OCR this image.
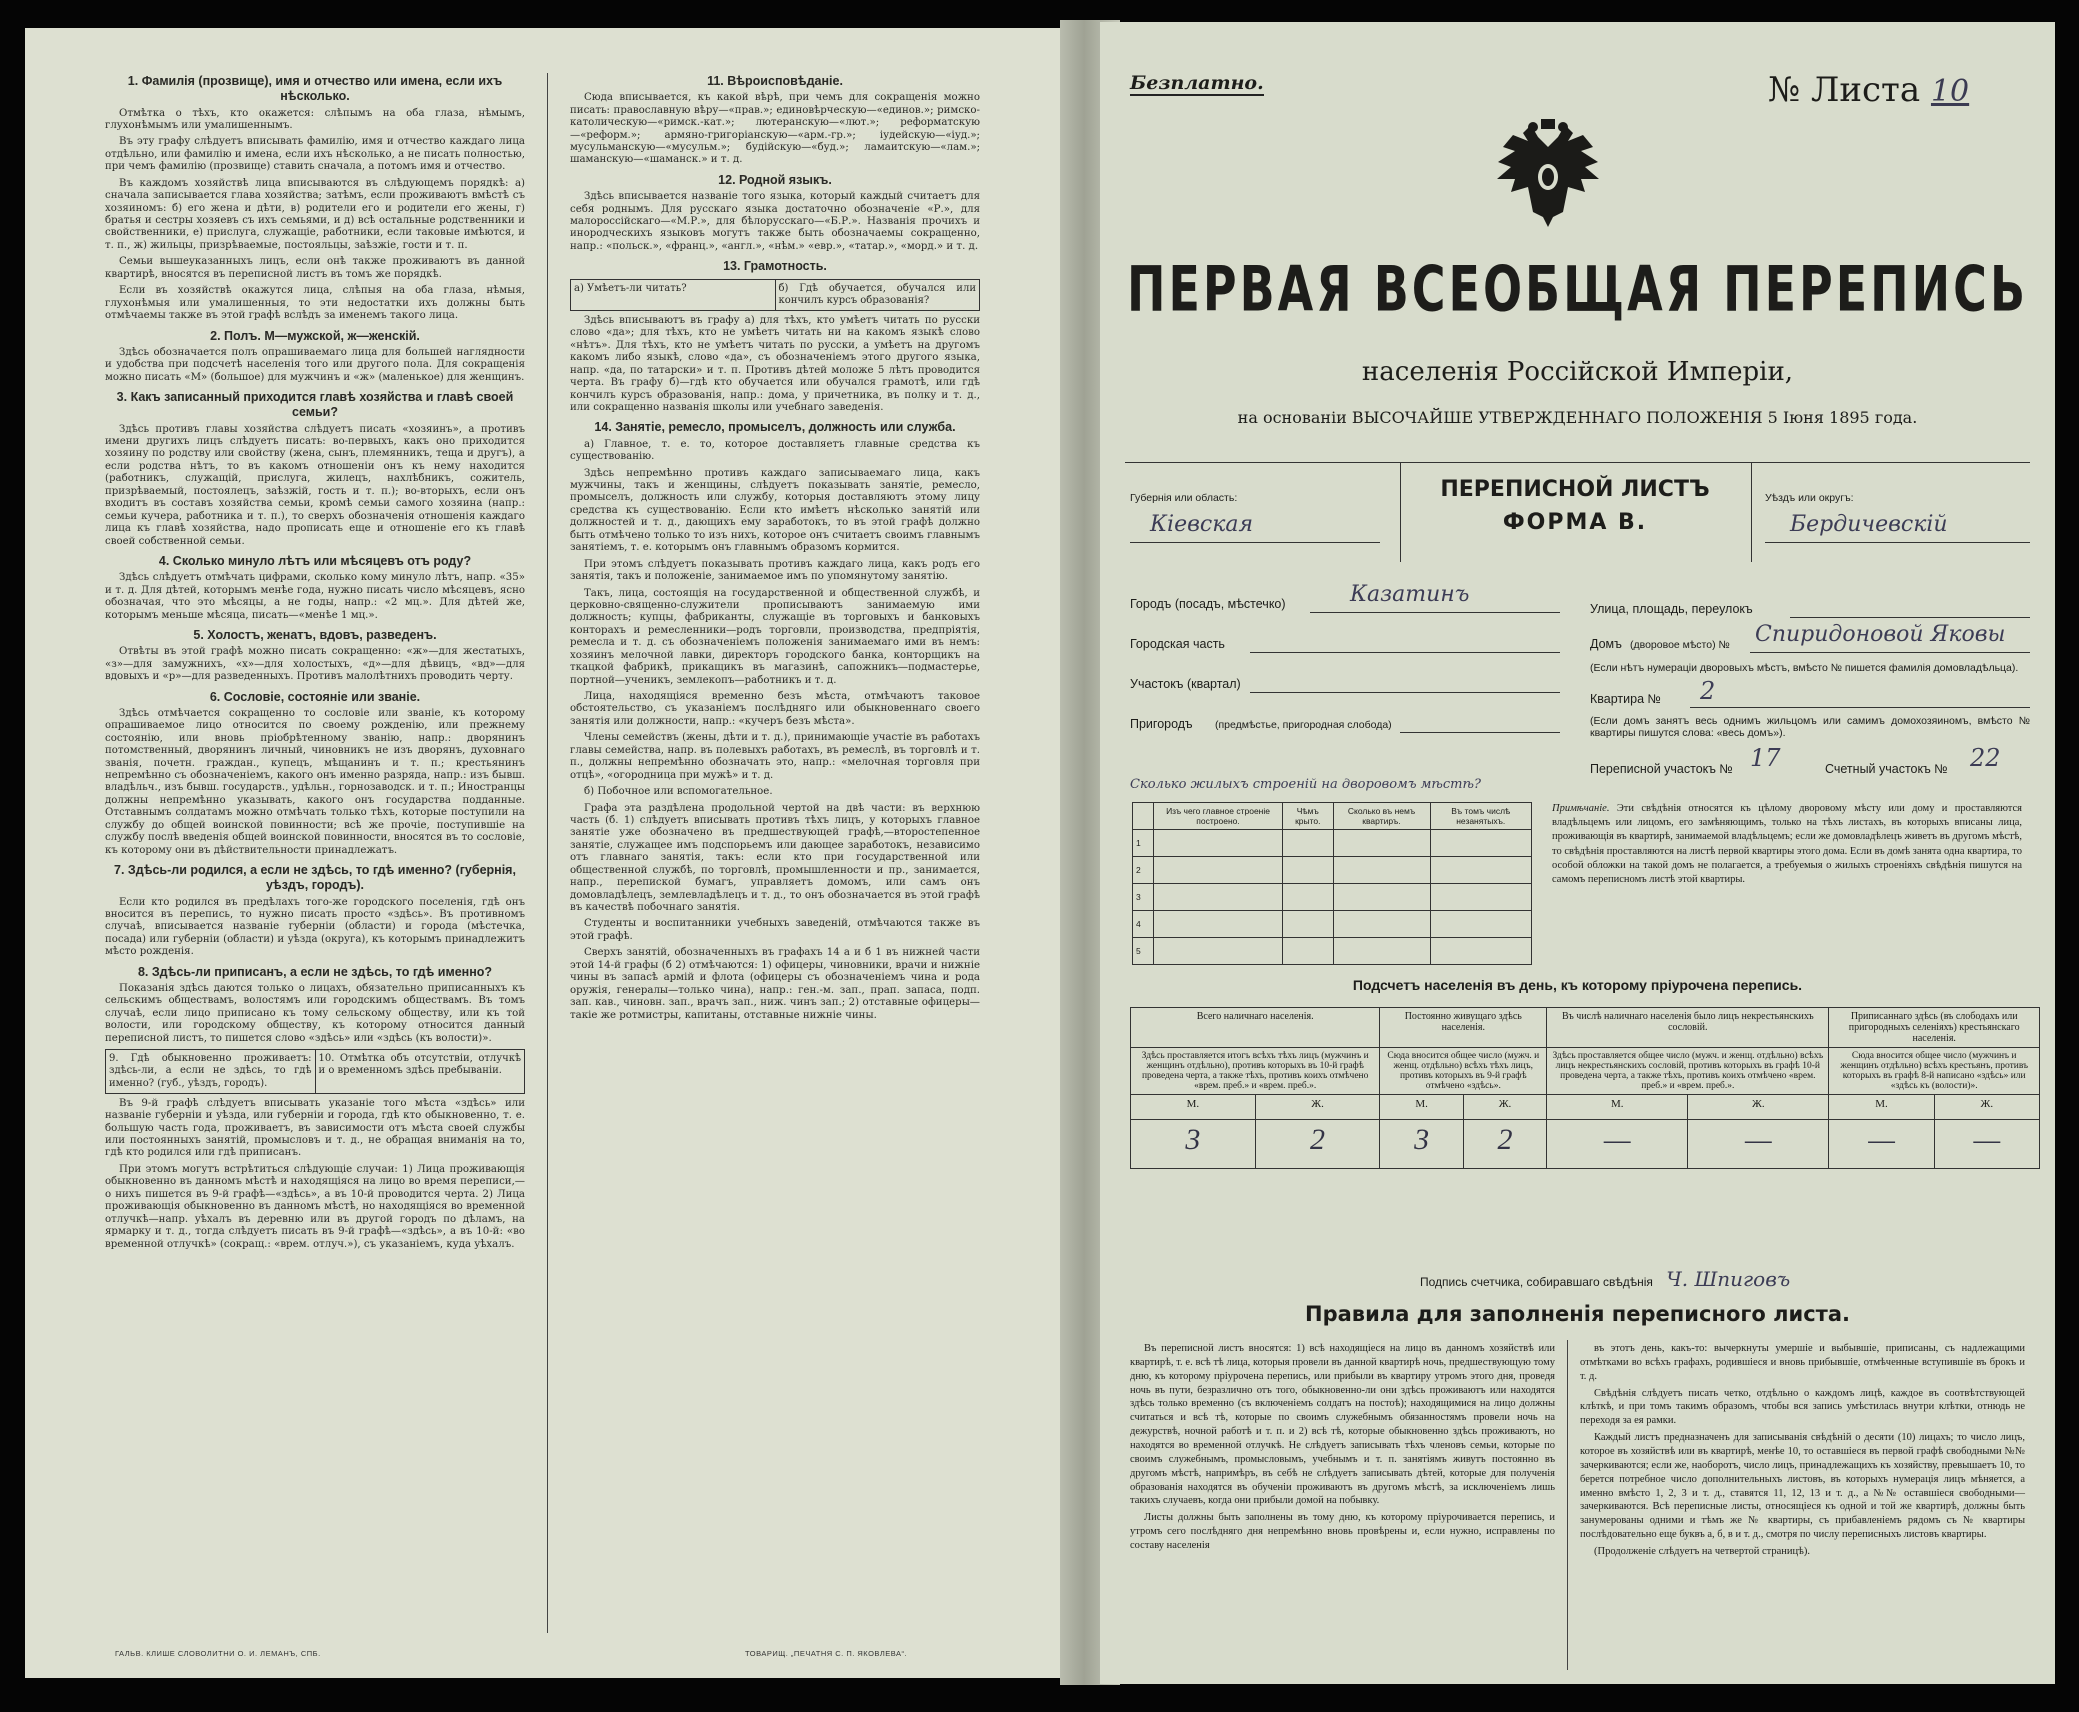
1. Фамилія (прозвище), имя и отчество или имена, если ихъ нѣсколько.

Отмѣтка о тѣхъ, кто окажется: слѣпымъ на оба глаза, нѣмымъ, глухонѣмымъ или умалишеннымъ.

Въ эту графу слѣдуетъ вписывать фамилію, имя и отчество каждаго лица отдѣльно, или фамилію и имена, если ихъ нѣсколько, а не писать полностью, при чемъ фамилію (прозвище) ставить сначала, а потомъ имя и отчество.

Въ каждомъ хозяйствѣ лица вписываются въ слѣдующемъ порядкѣ: а) сначала записывается глава хозяйства; затѣмъ, если проживаютъ вмѣстѣ съ хозяиномъ: б) его жена и дѣти, в) родители его и родители его жены, г) братья и сестры хозяевъ съ ихъ семьями, и д) всѣ остальные родственники и свойственники, е) прислуга, служащіе, работники, если таковые имѣются, и т. п., ж) жильцы, призрѣваемые, постояльцы, заѣзжіе, гости и т. п.

Семьи вышеуказанныхъ лицъ, если онѣ также проживаютъ въ данной квартирѣ, вносятся въ переписной листъ въ томъ же порядкѣ.

Если въ хозяйствѣ окажутся лица, слѣпыя на оба глаза, нѣмыя, глухонѣмыя или умалишенныя, то эти недостатки ихъ должны быть отмѣчаемы также въ этой графѣ вслѣдъ за именемъ такого лица.

2. Полъ. М—мужской, ж—женскій.

Здѣсь обозначается полъ опрашиваемаго лица для большей наглядности и удобства при подсчетѣ населенія того или другого пола. Для сокращенія можно писать «М» (большое) для мужчинъ и «ж» (маленькое) для женщинъ.

3. Какъ записанный приходится главѣ хозяйства и главѣ своей семьи?

Здѣсь противъ главы хозяйства слѣдуетъ писать «хозяинъ», а противъ имени другихъ лицъ слѣдуетъ писать: во-первыхъ, какъ оно приходится хозяину по родству или свойству (жена, сынъ, племянникъ, теща и другъ), а если родства нѣтъ, то въ какомъ отношеніи онъ къ нему находится (работникъ, служащій, прислуга, жилецъ, нахлѣбникъ, сожитель, призрѣваемый, постоялецъ, заѣзжій, гость и т. п.); во-вторыхъ, если онъ входитъ въ составъ хозяйства семьи, кромѣ семьи самого хозяина (напр.: семьи кучера, работника и т. п.), то сверхъ обозначенія отношенія каждаго лица къ главѣ хозяйства, надо прописать еще и отношеніе его къ главѣ своей собственной семьи.

4. Сколько минуло лѣтъ или мѣсяцевъ отъ роду?

Здѣсь слѣдуетъ отмѣчать цифрами, сколько кому минуло лѣтъ, напр. «35» и т. д. Для дѣтей, которымъ менѣе года, нужно писать число мѣсяцевъ, ясно обозначая, что это мѣсяцы, а не годы, напр.: «2 мц.». Для дѣтей же, которымъ меньше мѣсяца, писать—«менѣе 1 мц.».

5. Холостъ, женатъ, вдовъ, разведенъ.

Отвѣты въ этой графѣ можно писать сокращенно: «ж»—для жестатыхъ, «з»—для замужнихъ, «х»—для холостыхъ, «д»—для дѣвицъ, «вд»—для вдовыхъ и «р»—для разведенныхъ. Противъ малолѣтнихъ проводить черту.

6. Сословіе, состояніе или званіе.

Здѣсь отмѣчается сокращенно то сословіе или званіе, къ которому опрашиваемое лицо относится по своему рожденію, или прежнему состоянію, или вновь пріобрѣтенному званію, напр.: дворянинъ потомственный, дворянинъ личный, чиновникъ не изъ дворянъ, духовнаго званія, почетн. граждан., купецъ, мѣщанинъ и т. п.; крестьянинъ непремѣнно съ обозначеніемъ, какого онъ именно разряда, напр.: изъ бывш. владѣльч., изъ бывш. государств., удѣльн., горнозаводск. и т. п.; Иностранцы должны непремѣнно указывать, какого онъ государства подданные. Отставнымъ солдатамъ можно отмѣчать только тѣхъ, которые поступили на службу до общей воинской повинности; всѣ же прочіе, поступившіе на службу послѣ введенія общей воинской повинности, вносятся въ то сословіе, къ которому они въ дѣйствительности принадлежатъ.

7. Здѣсь-ли родился, а если не здѣсь, то гдѣ именно? (губернія, уѣздъ, городъ).

Если кто родился въ предѣлахъ того-же городского поселенія, гдѣ онъ вносится въ перепись, то нужно писать просто «здѣсь». Въ противномъ случаѣ, вписывается названіе губерніи (области) и города (мѣстечка, посада) или губерніи (области) и уѣзда (округа), къ которымъ принадлежитъ мѣсто рожденія.

8. Здѣсь-ли приписанъ, а если не здѣсь, то гдѣ именно?

Показанія здѣсь даются только о лицахъ, обязательно приписанныхъ къ сельскимъ обществамъ, волостямъ или городскимъ обществамъ. Въ томъ случаѣ, если лицо приписано къ тому сельскому обществу, или къ той волости, или городскому обществу, къ которому относится данный переписной листъ, то пишется слово «здѣсь» или «здѣсь (къ волости)».

9. Гдѣ обыкновенно проживаетъ: здѣсь-ли, а если не здѣсь, то гдѣ именно? (губ., уѣздъ, городъ).
10. Отмѣтка объ отсутствіи, отлучкѣ и о временномъ здѣсь пребываніи.

Въ 9-й графѣ слѣдуетъ вписывать указаніе того мѣста «здѣсь» или названіе губерніи и уѣзда, или губерніи и города, гдѣ кто обыкновенно, т. е. большую часть года, проживаетъ, въ зависимости отъ мѣста своей службы или постоянныхъ занятій, промысловъ и т. д., не обращая вниманія на то, гдѣ кто родился или гдѣ приписанъ.

При этомъ могутъ встрѣтиться слѣдующіе случаи: 1) Лица проживающія обыкновенно въ данномъ мѣстѣ и находящіяся на лицо во время переписи,—о нихъ пишется въ 9-й графѣ—«здѣсь», а въ 10-й проводится черта. 2) Лица проживающія обыкновенно въ данномъ мѣстѣ, но находящіяся во временной отлучкѣ—напр. уѣхалъ въ деревню или въ другой городъ по дѣламъ, на ярмарку и т. д., тогда слѣдуетъ писать въ 9-й графѣ—«здѣсь», а въ 10-й: «во временной отлучкѣ» (сокращ.: «врем. отлуч.»), съ указаніемъ, куда уѣхалъ.

11. Вѣроисповѣданіе.

Сюда вписывается, къ какой вѣрѣ, при чемъ для сокращенія можно писать: православную вѣру—«прав.»; единовѣрческую—«единов.»; римско-католическую—«римск.-кат.»; лютеранскую—«лют.»; реформатскую—«реформ.»; армяно-григоріанскую—«арм.-гр.»; іудейскую—«іуд.»; мусульманскую—«мусульм.»; будійскую—«буд.»; ламаитскую—«лам.»; шаманскую—«шаманск.» и т. д.

12. Родной языкъ.

Здѣсь вписывается названіе того языка, который каждый считаетъ для себя роднымъ. Для русскаго языка достаточно обозначеніе «Р.», для малороссійскаго—«М.Р.», для бѣлорусскаго—«Б.Р.». Названія прочихъ и инородческихъ языковъ могутъ также быть обозначаемы сокращенно, напр.: «польск.», «франц.», «англ.», «нѣм.» «евр.», «татар.», «морд.» и т. д.

13. Грамотность.
а) Умѣетъ-ли читать?	б) Гдѣ обучается, обучался или кончилъ курсъ образованія?

Здѣсь вписываютъ въ графу а) для тѣхъ, кто умѣетъ читать по русски слово «да»; для тѣхъ, кто не умѣетъ читать ни на какомъ языкѣ слово «нѣтъ». Для тѣхъ, кто не умѣетъ читать по русски, а умѣетъ на другомъ какомъ либо языкѣ, слово «да», съ обозначеніемъ этого другого языка, напр. «да, по татарски» и т. п. Противъ дѣтей моложе 5 лѣтъ проводится черта. Въ графу б)—гдѣ кто обучается или обучался грамотѣ, или гдѣ кончилъ курсъ образованія, напр.: дома, у причетника, въ полку и т. д., или сокращенно названія школы или учебнаго заведенія.

14. Занятіе, ремесло, промыселъ, должность или служба.

а) Главное, т. е. то, которое доставляетъ главные средства къ существованію.

Здѣсь непремѣнно противъ каждаго записываемаго лица, какъ мужчины, такъ и женщины, слѣдуетъ показывать занятіе, ремесло, промыселъ, должность или службу, которыя доставляютъ этому лицу средства къ существованію. Если кто имѣетъ нѣсколько занятій или должностей и т. д., дающихъ ему заработокъ, то въ этой графѣ должно быть отмѣчено только то изъ нихъ, которое онъ считаетъ своимъ главнымъ занятіемъ, т. е. которымъ онъ главнымъ образомъ кормится.

При этомъ слѣдуетъ показывать противъ каждаго лица, какъ родъ его занятія, такъ и положеніе, занимаемое имъ по упомянутому занятію.

Такъ, лица, состоящія на государственной и общественной службѣ, и церковно-священно-служители прописываютъ занимаемую ими должность; купцы, фабриканты, служащіе въ торговыхъ и банковыхъ конторахъ и ремесленники—родъ торговли, производства, предпріятія, ремесла и т. д. съ обозначеніемъ положенія занимаемаго ими въ немъ: хозяинъ мелочной лавки, директоръ городского банка, конторщикъ на ткацкой фабрикѣ, прикащикъ въ магазинѣ, сапожникъ—подмастерье, портной—ученикъ, землекопъ—работникъ и т. д.

Лица, находящіяся временно безъ мѣста, отмѣчаютъ таковое обстоятельство, съ указаніемъ послѣдняго или обыкновеннаго своего занятія или должности, напр.: «кучеръ безъ мѣста».

Члены семействъ (жены, дѣти и т. д.), принимающіе участіе въ работахъ главы семейства, напр. въ полевыхъ работахъ, въ ремеслѣ, въ торговлѣ и т. п., должны непремѣнно обозначать это, напр.: «мелочная торговля при отцѣ», «огородница при мужѣ» и т. д.

б) Побочное или вспомогательное.

Графа эта раздѣлена продольной чертой на двѣ части: въ верхнюю часть (б. 1) слѣдуетъ вписывать противъ тѣхъ лицъ, у которыхъ главное занятіе уже обозначено въ предшествующей графѣ,—второстепенное занятіе, служащее имъ подспорьемъ или дающее заработокъ, независимо отъ главнаго занятія, такъ: если кто при государственной или общественной службѣ, по торговлѣ, промышленности и пр., занимается, напр., перепиской бумагъ, управляетъ домомъ, или самъ онъ домовладѣлецъ, землевладѣлецъ и т. д., то онъ обозначается въ этой графѣ въ качествѣ побочнаго занятія.

Студенты и воспитанники учебныхъ заведеній, отмѣчаются также въ этой графѣ.

Сверхъ занятій, обозначенныхъ въ графахъ 14 а и б 1 въ нижней части этой 14-й графы (б 2) отмѣчаются: 1) офицеры, чиновники, врачи и нижніе чины въ запасѣ армій и флота (офицеры съ обозначеніемъ чина и рода оружія, генералы—только чина), напр.: ген.-м. зап., прап. запаса, подп. зап. кав., чиновн. зап., врачъ зап., ниж. чинъ зап.; 2) отставные офицеры—такіе же ротмистры, капитаны, отставные нижніе чины.

ГАЛЬВ. КЛИШЕ СЛОВОЛИТНИ О. И. ЛЕМАНЪ, СПБ.	ТОВАРИЩ. „ПЕЧАТНЯ С. П. ЯКОВЛЕВА“.
Безплатно.	№ Листа 10
ПЕРВАЯ ВСЕОБЩАЯ ПЕРЕПИСЬ
населенія Россійской Имперіи,
на основаніи ВЫСОЧАЙШЕ УТВЕРЖДЕННАГО ПОЛОЖЕНІЯ 5 Іюня 1895 года.
ПЕРЕПИСНОЙ ЛИСТЪ
ФОРМА В.
Губернія или область:
Кіевская
Уѣздъ или округъ:
Бердичевскій
Городъ (посадъ, мѣстечко)	Казатинъ
Городская часть
Участокъ (квартал)
Пригородъ (предмѣстье, пригородная слобода)
Улица, площадь, переулокъ
Домъ (дворовое мѣсто) № Спиридоновой Яковы
(Если нѣтъ нумераціи дворовыхъ мѣстъ, вмѣсто № пишется фамилія домовладѣльца).
Квартира № 2
(Если домъ занятъ весь однимъ жильцомъ или самимъ домохозяиномъ, вмѣсто № квартиры пишутся слова: «весь домъ»).
Переписной участокъ № 17	Счетный участокъ № 22
Сколько жилыхъ строеній на дворовомъ мѣстѣ?
	Изъ чего главное строеніе построено.	Чѣмъ крыто.	Сколько въ немъ квартиръ.	Въ томъ числѣ незанятыхъ.
1				
2				
3				
4				
5				
Примѣчаніе. Эти свѣдѣнія относятся къ цѣлому дворовому мѣсту или дому и проставляются владѣльцемъ или лицомъ, его замѣняющимъ, только на тѣхъ листахъ, въ которыхъ вписаны лица, проживающія въ квартирѣ, занимаемой владѣльцемъ; если же домовладѣлецъ живетъ въ другомъ мѣстѣ, то свѣдѣнія проставляются на листѣ первой квартиры этого дома. Если въ домѣ занята одна квартира, то особой обложки на такой домъ не полагается, а требуемыя о жилыхъ строеніяхъ свѣдѣнія пишутся на самомъ переписномъ листѣ этой квартиры.
Подсчетъ населенія въ день, къ которому пріурочена перепись.
Всего наличнаго населенія.		Постоянно живущаго здѣсь населенія.		Въ числѣ наличнаго населенія было лицъ некрестьянскихъ сословій.		Приписаннаго здѣсь (въ слободахъ или пригородныхъ селеніяхъ) крестьянскаго населенія.	
Здѣсь проставляется итогъ всѣхъ тѣхъ лицъ (мужчинъ и женщинъ отдѣльно), противъ которыхъ въ 10-й графѣ проведена черта, а также тѣхъ, противъ коихъ отмѣчено «врем. преб.» и «врем. преб.».		Сюда вносится общее число (мужч. и женщ. отдѣльно) всѣхъ тѣхъ лицъ, противъ которыхъ въ 9-й графѣ отмѣчено «здѣсь».		Здѣсь проставляется общее число (мужч. и женщ. отдѣльно) всѣхъ лицъ некрестьянскихъ сословій, противъ которыхъ въ графѣ 10-й проведена черта, а также тѣхъ, противъ коихъ отмѣчено «врем. преб.» и «врем. преб.».		Сюда вносится общее число (мужчинъ и женщинъ отдѣльно) всѣхъ крестьянъ, противъ которыхъ въ графѣ 8-й написано «здѣсь» или «здѣсь къ (волости)».	
М.	Ж.	М.	Ж.	М.	Ж.	М.	Ж.
3	2	3	2	—	—	—	—
Подпись счетчика, собиравшаго свѣдѣнія Ч. Шпиговъ
Правила для заполненія переписного листа.

Въ переписной листъ вносятся: 1) всѣ находящіеся на лицо въ данномъ хозяйствѣ или квартирѣ, т. е. всѣ тѣ лица, которыя провели въ данной квартирѣ ночь, предшествующую тому дню, къ которому пріурочена перепись, или прибыли въ квартиру утромъ этого дня, проведя ночь въ пути, безразлично отъ того, обыкновенно-ли они здѣсь проживаютъ или находятся здѣсь только временно (съ включеніемъ солдатъ на постоѣ); находящимися на лицо должны считаться и всѣ тѣ, которые по своимъ служебнымъ обязанностямъ провели ночь на дежурствѣ, ночной работѣ и т. п. и 2) всѣ тѣ, которые обыкновенно здѣсь проживаютъ, но находятся во временной отлучкѣ. Не слѣдуетъ записывать тѣхъ членовъ семьи, которые по своимъ служебнымъ, промысловымъ, учебнымъ и т. п. занятіямъ живутъ постоянно въ другомъ мѣстѣ, напримѣръ, въ себѣ не слѣдуетъ записывать дѣтей, которые для полученія образованія находятся въ обученіи проживаютъ въ другомъ мѣстѣ, за исключеніемъ лишь такихъ случаевъ, когда они прибыли домой на побывку.

Листы должны быть заполнены въ тому дню, къ которому пріурочивается перепись, и утромъ сего послѣдняго дня непремѣнно вновь провѣрены и, если нужно, исправлены по составу населенія

въ этотъ день, какъ-то: вычеркнуты умершіе и выбывшіе, приписаны, съ надлежащими отмѣтками во всѣхъ графахъ, родившіеся и вновь прибывшіе, отмѣченные вступившіе въ брокъ и т. д.

Свѣдѣнія слѣдуетъ писать четко, отдѣльно о каждомъ лицѣ, каждое въ соотвѣтствующей клѣткѣ, и при томъ такимъ образомъ, чтобы вся запись умѣстилась внутри клѣтки, отнюдь не переходя за ея рамки.

Каждый листъ предназначенъ для записыванія свѣдѣній о десяти (10) лицахъ; то число лицъ, которое въ хозяйствѣ или въ квартирѣ, менѣе 10, то оставшіеся въ первой графѣ свободными №№ зачеркиваются; если же, наоборотъ, число лицъ, принадлежащихъ къ хозяйству, превышаетъ 10, то берется потребное число дополнительныхъ листовъ, въ которыхъ нумерація лицъ мѣняется, а именно вмѣсто 1, 2, 3 и т. д., ставятся 11, 12, 13 и т. д., а №№ оставшіеся свободными—зачеркиваются. Всѣ переписные листы, относящіеся къ одной и той же квартирѣ, должны быть занумерованы одними и тѣмъ же № квартиры, съ прибавленіемъ рядомъ съ № квартиры послѣдовательно еще буквъ а, б, в и т. д., смотря по числу переписныхъ листовъ квартиры.

(Продолженіе слѣдуетъ на четвертой страницѣ).
